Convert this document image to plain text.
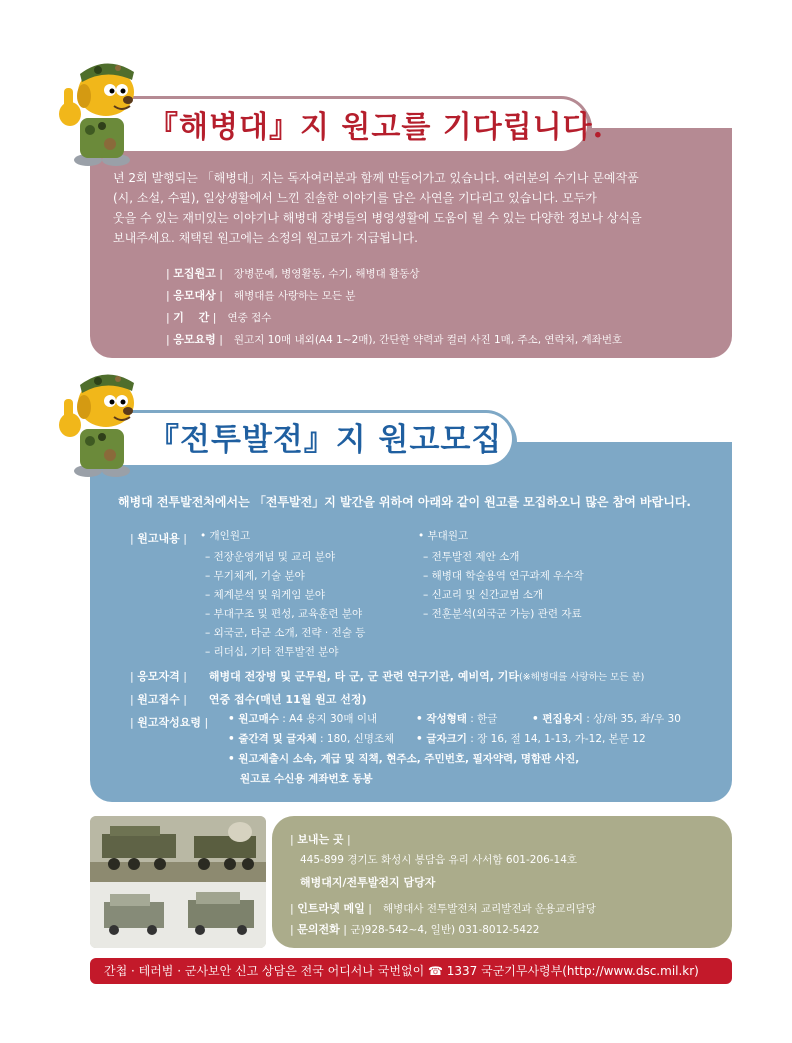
『해병대』지 원고를 기다립니다.
년 2회 발행되는 「해병대」지는 독자여러분과 함께 만들어가고 있습니다. 여러분의 수기나 문예작품
(시, 소설, 수필), 일상생활에서 느낀 진솔한 이야기를 담은 사연을 기다리고 있습니다. 모두가
웃을 수 있는 재미있는 이야기나 해병대 장병들의 병영생활에 도움이 될 수 있는 다양한 정보나 상식을
보내주세요. 채택된 원고에는 소정의 원고료가 지급됩니다.
| 모집원고 |　장병문예, 병영활동, 수기, 해병대 활동상
| 응모대상 |　해병대를 사랑하는 모든 분
| 기　 간 |　연중 접수
| 응모요령 |　원고지 10매 내외(A4 1~2매), 간단한 약력과 컬러 사진 1매, 주소, 연락처, 계좌번호
『전투발전』지 원고모집
해병대 전투발전처에서는 「전투발전」지 발간을 위하여 아래와 같이 원고를 모집하오니 많은 참여 바랍니다.
| 원고내용 | • 개인원고
– 전장운영개념 및 교리 분야
– 무기체계, 기술 분야
– 체계분석 및 워게임 분야
– 부대구조 및 편성, 교육훈련 분야
– 외국군, 타군 소개, 전략 · 전술 등
– 리더십, 기타 전투발전 분야
• 부대원고
– 전투발전 제안 소개
– 해병대 학술용역 연구과제 우수작
– 신교리 및 신간교범 소개
– 전훈분석(외국군 가능) 관련 자료
| 응모자격 |　　해병대 전장병 및 군무원, 타 군, 군 관련 연구기관, 예비역, 기타(※해병대를 사랑하는 모든 분)
| 원고접수 |　　연중 접수(매년 11월 원고 선정)
| 원고작성요령 | • 원고매수 : A4 용지 30매 이내	• 작성형태 : 한글	• 편집용지 : 상/하 35, 좌/우 30
• 줄간격 및 글자체 : 180, 신명조체 • 글자크기 : 장 16, 절 14, 1-13, 가-12, 본문 12
• 원고제출시 소속, 계급 및 직책, 현주소, 주민번호, 필자약력, 명함판 사진,
원고료 수신용 계좌번호 동봉
| 보내는 곳 |
445-899 경기도 화성시 봉담읍 유리 사서함 601-206-14호
해병대지/전투발전지 담당자
| 인트라넷 메일 |　해병대사 전투발전처 교리발전과 운용교리담당
| 문의전화 | 군)928-542~4, 일반) 031-8012-5422
간첩 · 테러범 · 군사보안 신고 상담은 전국 어디서나 국번없이 ☎ 1337 국군기무사령부(http://www.dsc.mil.kr)
